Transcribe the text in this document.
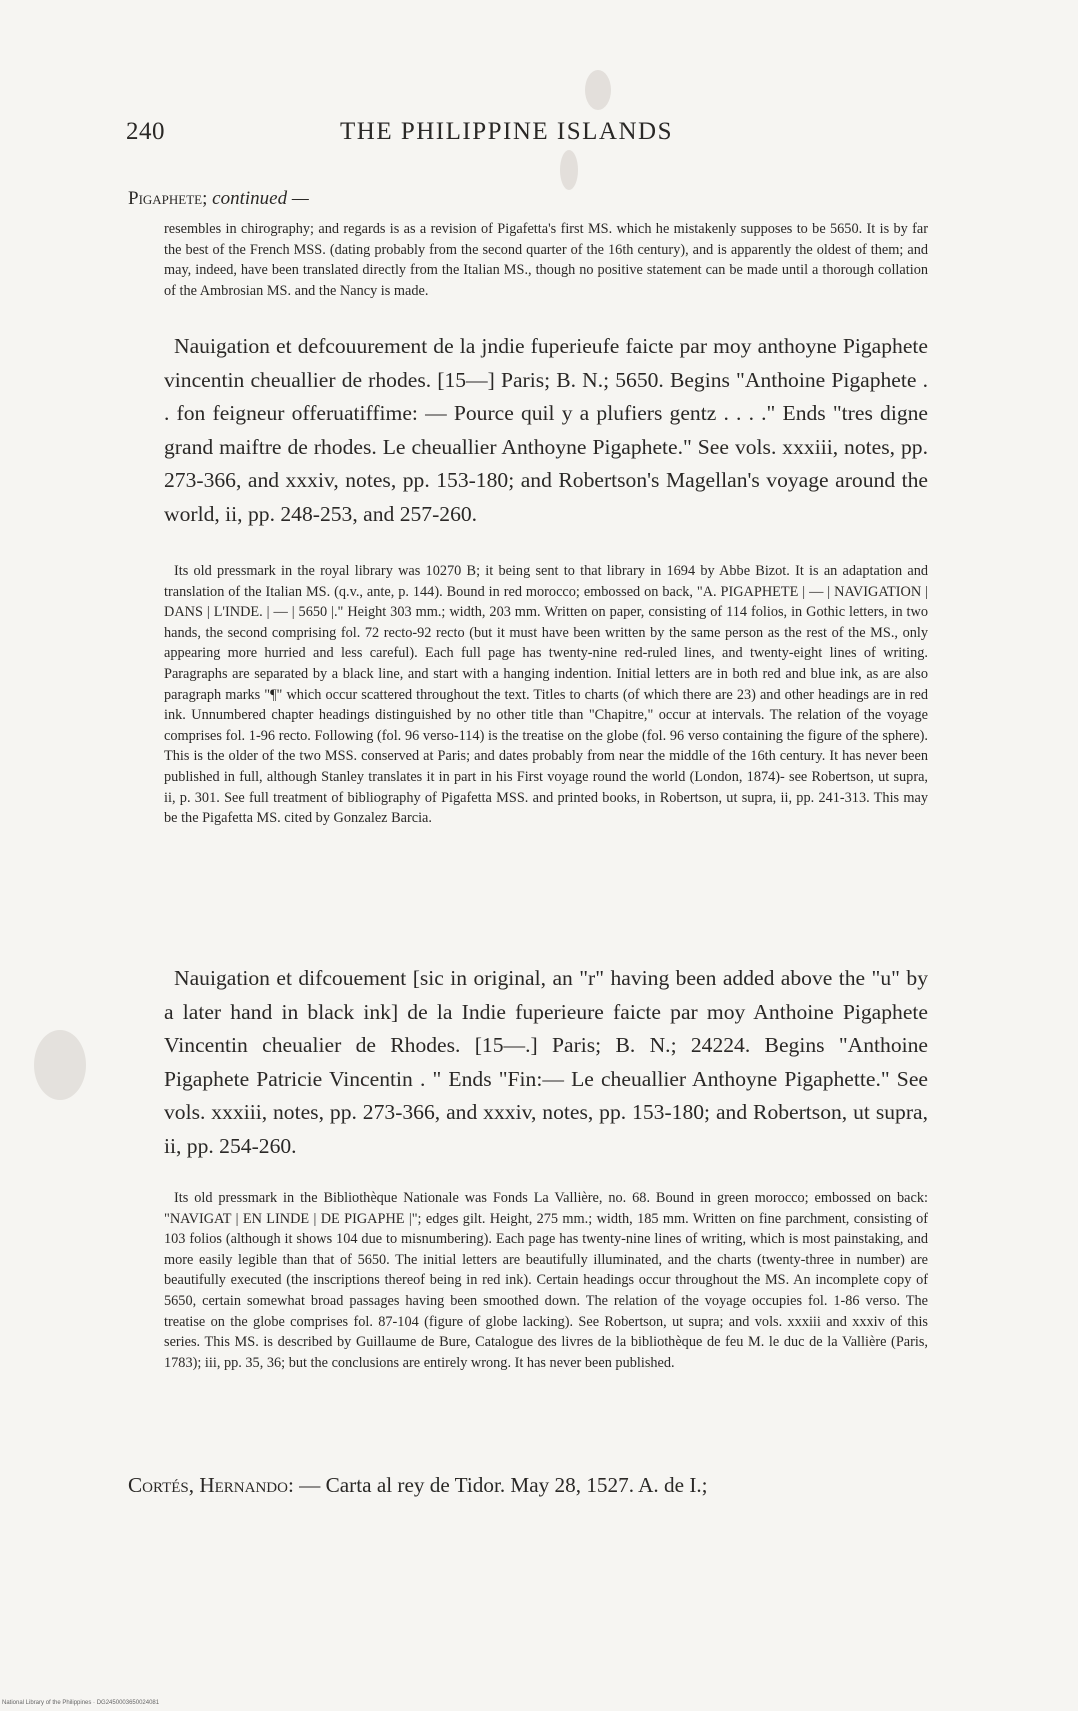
240	THE PHILIPPINE ISLANDS
Pigaphete; continued —

resembles in chirography; and regards is as a revision of Pigafetta's first MS. which he mistakenly supposes to be 5650. It is by far the best of the French MSS. (dating probably from the second quarter of the 16th century), and is apparently the oldest of them; and may, indeed, have been translated directly from the Italian MS., though no positive statement can be made until a thorough collation of the Ambrosian MS. and the Nancy is made.

Nauigation et defcouurement de la jndie fuperieufe faicte par moy anthoyne Pigaphete vincentin cheuallier de rhodes. [15—] Paris; B. N.; 5650. Begins "Anthoine Pigaphete . . fon feigneur offeruatiffime: — Pource quil y a plufiers gentz . . . ." Ends "tres digne grand maiftre de rhodes. Le cheuallier Anthoyne Pigaphete." See vols. xxxiii, notes, pp. 273-366, and xxxiv, notes, pp. 153-180; and Robertson's Magellan's voyage around the world, ii, pp. 248-253, and 257-260.

Its old pressmark in the royal library was 10270 B; it being sent to that library in 1694 by Abbe Bizot. It is an adaptation and translation of the Italian MS. (q.v., ante, p. 144). Bound in red morocco; embossed on back, "A. PIGAPHETE | — | NAVIGATION | DANS | L'INDE. | — | 5650 |." Height 303 mm.; width, 203 mm. Written on paper, consisting of 114 folios, in Gothic letters, in two hands, the second comprising fol. 72 recto-92 recto (but it must have been written by the same person as the rest of the MS., only appearing more hurried and less careful). Each full page has twenty-nine red-ruled lines, and twenty-eight lines of writing. Paragraphs are separated by a black line, and start with a hanging indention. Initial letters are in both red and blue ink, as are also paragraph marks "¶" which occur scattered throughout the text. Titles to charts (of which there are 23) and other headings are in red ink. Unnumbered chapter headings distinguished by no other title than "Chapitre," occur at intervals. The relation of the voyage comprises fol. 1-96 recto. Following (fol. 96 verso-114) is the treatise on the globe (fol. 96 verso containing the figure of the sphere). This is the older of the two MSS. conserved at Paris; and dates probably from near the middle of the 16th century. It has never been published in full, although Stanley translates it in part in his First voyage round the world (London, 1874)- see Robertson, ut supra, ii, p. 301. See full treatment of bibliography of Pigafetta MSS. and printed books, in Robertson, ut supra, ii, pp. 241-313. This may be the Pigafetta MS. cited by Gonzalez Barcia.

Nauigation et difcouement [sic in original, an "r" having been added above the "u" by a later hand in black ink] de la Indie fuperieure faicte par moy Anthoine Pigaphete Vincentin cheualier de Rhodes. [15—.] Paris; B. N.; 24224. Begins "Anthoine Pigaphete Patricie Vincentin . " Ends "Fin:— Le cheuallier Anthoyne Pigaphette." See vols. xxxiii, notes, pp. 273-366, and xxxiv, notes, pp. 153-180; and Robertson, ut supra, ii, pp. 254-260.

Its old pressmark in the Bibliothèque Nationale was Fonds La Vallière, no. 68. Bound in green morocco; embossed on back: "NAVIGAT | EN LINDE | DE PIGAPHE |"; edges gilt. Height, 275 mm.; width, 185 mm. Written on fine parchment, consisting of 103 folios (although it shows 104 due to misnumbering). Each page has twenty-nine lines of writing, which is most painstaking, and more easily legible than that of 5650. The initial letters are beautifully illuminated, and the charts (twenty-three in number) are beautifully executed (the inscriptions thereof being in red ink). Certain headings occur throughout the MS. An incomplete copy of 5650, certain somewhat broad passages having been smoothed down. The relation of the voyage occupies fol. 1-86 verso. The treatise on the globe comprises fol. 87-104 (figure of globe lacking). See Robertson, ut supra; and vols. xxxiii and xxxiv of this series. This MS. is described by Guillaume de Bure, Catalogue des livres de la bibliothèque de feu M. le duc de la Vallière (Paris, 1783); iii, pp. 35, 36; but the conclusions are entirely wrong. It has never been published.

Cortés, Hernando: — Carta al rey de Tidor. May 28, 1527. A. de I.;
National Library of the Philippines · DG2450003650024081
